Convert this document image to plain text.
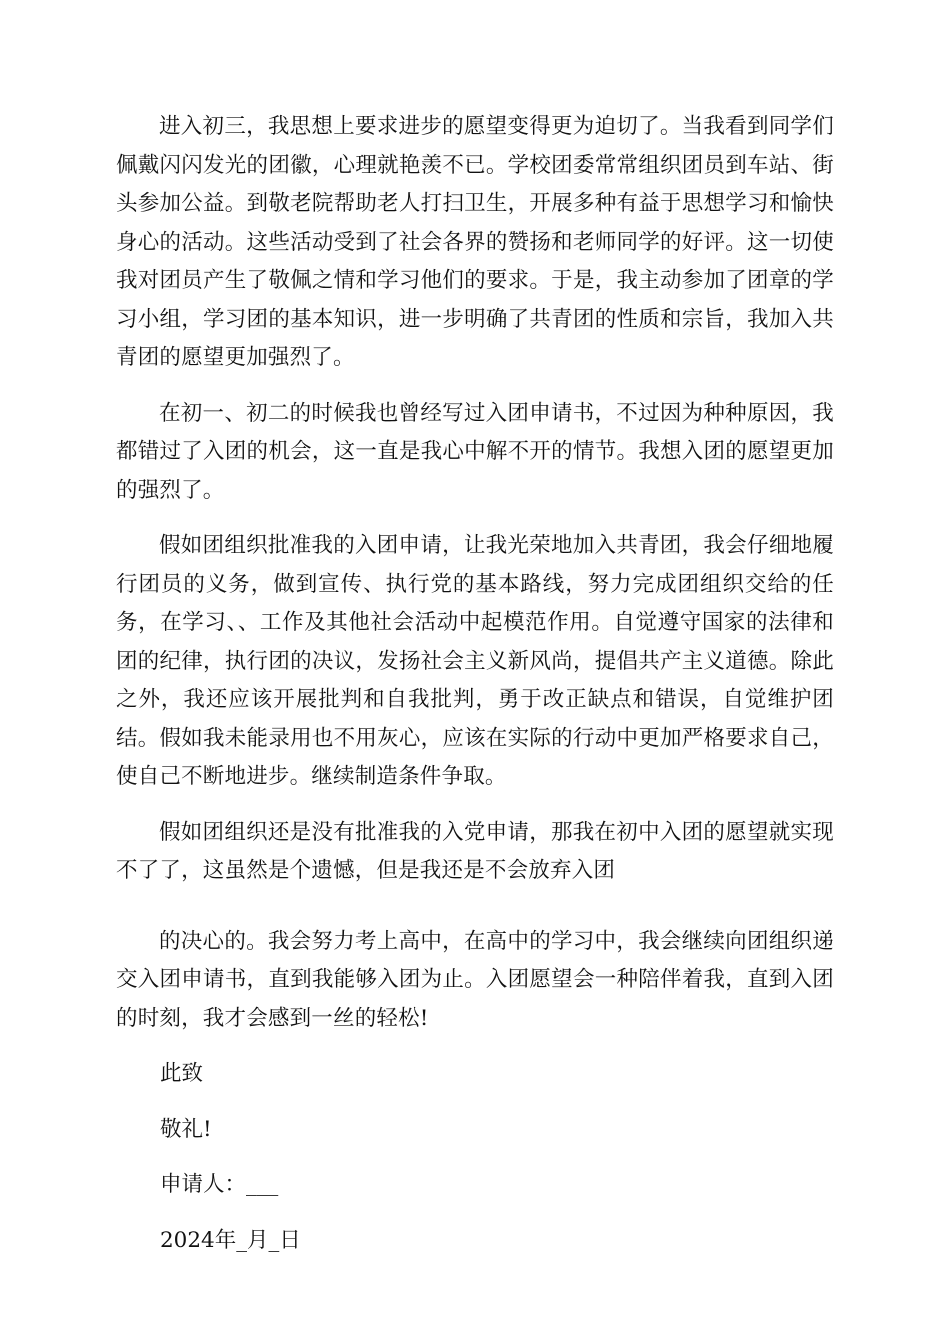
进入初三，我思想上要求进步的愿望变得更为迫切了。当我看到同学们佩戴闪闪发光的团徽，心理就艳羡不已。学校团委常常组织团员到车站、街头参加公益。到敬老院帮助老人打扫卫生，开展多种有益于思想学习和愉快身心的活动。这些活动受到了社会各界的赞扬和老师同学的好评。这一切使我对团员产生了敬佩之情和学习他们的要求。于是，我主动参加了团章的学习小组，学习团的基本知识，进一步明确了共青团的性质和宗旨，我加入共青团的愿望更加强烈了。

在初一、初二的时候我也曾经写过入团申请书，不过因为种种原因，我都错过了入团的机会，这一直是我心中解不开的情节。我想入团的愿望更加的强烈了。

假如团组织批准我的入团申请，让我光荣地加入共青团，我会仔细地履行团员的义务，做到宣传、执行党的基本路线，努力完成团组织交给的任务，在学习、、工作及其他社会活动中起模范作用。自觉遵守国家的法律和团的纪律，执行团的决议，发扬社会主义新风尚，提倡共产主义道德。除此之外，我还应该开展批判和自我批判，勇于改正缺点和错误，自觉维护团结。假如我未能录用也不用灰心，应该在实际的行动中更加严格要求自己，使自己不断地进步。继续制造条件争取。

假如团组织还是没有批准我的入党申请，那我在初中入团的愿望就实现不了了，这虽然是个遗憾，但是我还是不会放弃入团

的决心的。我会努力考上高中，在高中的学习中，我会继续向团组织递交入团申请书，直到我能够入团为止。入团愿望会一种陪伴着我，直到入团的时刻，我才会感到一丝的轻松!

此致

敬礼!

申请人：___

2024年_月_日
